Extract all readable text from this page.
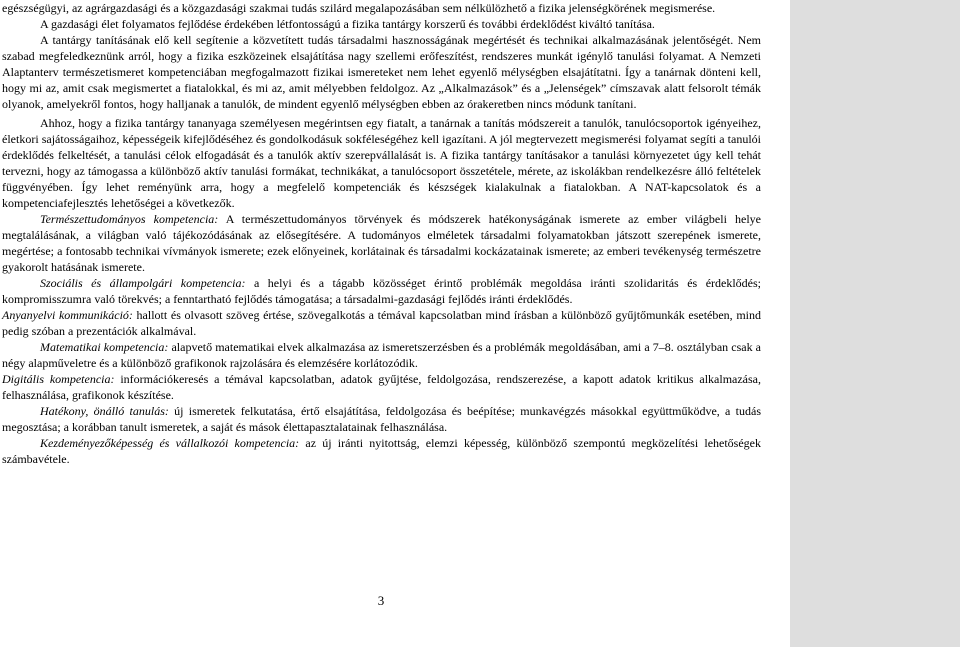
egészségügyi, az agrárgazdasági és a közgazdasági szakmai tudás szilárd megalapozásában sem nélkülözhető a fizika jelenségkörének megismerése.

A gazdasági élet folyamatos fejlődése érdekében létfontosságú a fizika tantárgy korszerű és további érdeklődést kiváltó tanítása.

A tantárgy tanításának elő kell segítenie a közvetített tudás társadalmi hasznosságának megértését és technikai alkalmazásának jelentőségét. Nem szabad megfeledkeznünk arról, hogy a fizika eszközeinek elsajátítása nagy szellemi erőfeszítést, rendszeres munkát igénylő tanulási folyamat. A Nemzeti Alaptanterv természetismeret kompetenciában megfogalmazott fizikai ismereteket nem lehet egyenlő mélységben elsajátítatni. Így a tanárnak dönteni kell, hogy mi az, amit csak megismertet a fiatalokkal, és mi az, amit mélyebben feldolgoz. Az „Alkalmazások” és a „Jelenségek” címszavak alatt felsorolt témák olyanok, amelyekről fontos, hogy halljanak a tanulók, de mindent egyenlő mélységben ebben az órakeretben nincs módunk tanítani.

Ahhoz, hogy a fizika tantárgy tananyaga személyesen megérintsen egy fiatalt, a tanárnak a tanítás módszereit a tanulók, tanulócsoportok igényeihez, életkori sajátosságaihoz, képességeik kifejlődéséhez és gondolkodásuk sokféleségéhez kell igazítani. A jól megtervezett megismerési folyamat segíti a tanulói érdeklődés felkeltését, a tanulási célok elfogadását és a tanulók aktív szerepvállalását is. A fizika tantárgy tanításakor a tanulási környezetet úgy kell tehát tervezni, hogy az támogassa a különböző aktív tanulási formákat, technikákat, a tanulócsoport összetétele, mérete, az iskolákban rendelkezésre álló feltételek függvényében. Így lehet reményünk arra, hogy a megfelelő kompetenciák és készségek kialakulnak a fiatalokban. A NAT-kapcsolatok és a kompetenciafejlesztés lehetőségei a következők.

Természettudományos kompetencia: A természettudományos törvények és módszerek hatékonyságának ismerete az ember világbeli helye megtalálásának, a világban való tájékozódásának az elősegítésére. A tudományos elméletek társadalmi folyamatokban játszott szerepének ismerete, megértése; a fontosabb technikai vívmányok ismerete; ezek előnyeinek, korlátainak és társadalmi kockázatainak ismerete; az emberi tevékenység természetre gyakorolt hatásának ismerete.

Szociális és állampolgári kompetencia: a helyi és a tágabb közösséget érintő problémák megoldása iránti szolidaritás és érdeklődés; kompromisszumra való törekvés; a fenntartható fejlődés támogatása; a társadalmi-gazdasági fejlődés iránti érdeklődés.

Anyanyelvi kommunikáció: hallott és olvasott szöveg értése, szövegalkotás a témával kapcsolatban mind írásban a különböző gyűjtőmunkák esetében, mind pedig szóban a prezentációk alkalmával.

Matematikai kompetencia: alapvető matematikai elvek alkalmazása az ismeretszerzésben és a problémák megoldásában, ami a 7–8. osztályban csak a négy alapműveletre és a különböző grafikonok rajzolására és elemzésére korlátozódik.

Digitális kompetencia: információkeresés a témával kapcsolatban, adatok gyűjtése, feldolgozása, rendszerezése, a kapott adatok kritikus alkalmazása, felhasználása, grafikonok készítése.

Hatékony, önálló tanulás: új ismeretek felkutatása, értő elsajátítása, feldolgozása és beépítése; munkavégzés másokkal együttműködve, a tudás megosztása; a korábban tanult ismeretek, a saját és mások élettapasztalatainak felhasználása.

Kezdeményezőképesség és vállalkozói kompetencia: az új iránti nyitottság, elemzi képesség, különböző szempontú megközelítési lehetőségek számbavétele.

3
